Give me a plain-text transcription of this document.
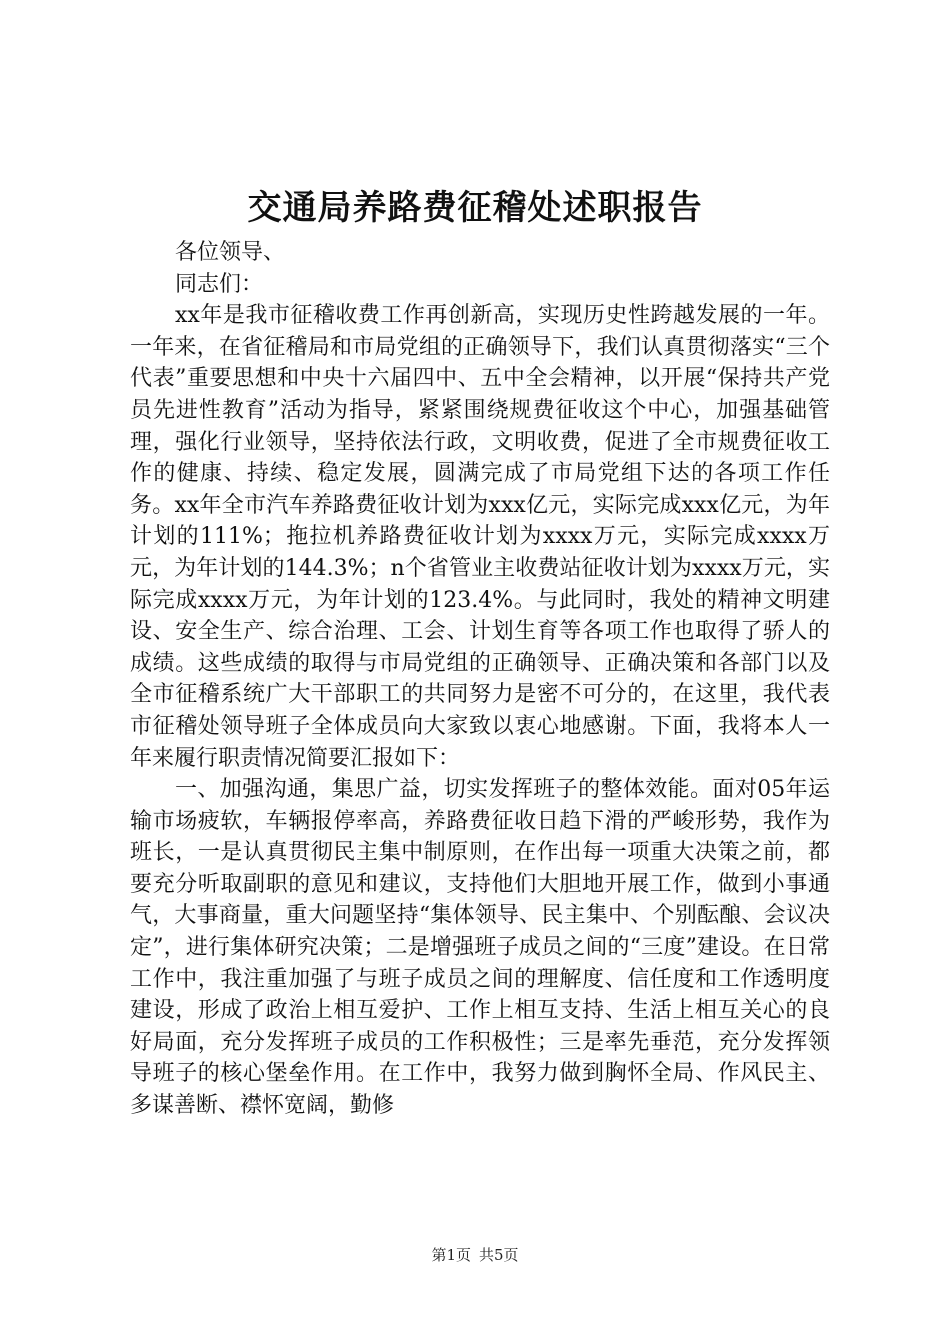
交通局养路费征稽处述职报告

各位领导、

同志们：

xx年是我市征稽收费工作再创新高，实现历史性跨越发展的一年。一年来，在省征稽局和市局党组的正确领导下，我们认真贯彻落实“三个代表”重要思想和中央十六届四中、五中全会精神，以开展“保持共产党员先进性教育”活动为指导，紧紧围绕规费征收这个中心，加强基础管理，强化行业领导，坚持依法行政，文明收费，促进了全市规费征收工作的健康、持续、稳定发展，圆满完成了市局党组下达的各项工作任务。xx年全市汽车养路费征收计划为xxx亿元，实际完成xxx亿元，为年计划的111%；拖拉机养路费征收计划为xxxx万元，实际完成xxxx万元，为年计划的144.3%；n个省管业主收费站征收计划为xxxx万元，实际完成xxxx万元，为年计划的123.4%。与此同时，我处的精神文明建设、安全生产、综合治理、工会、计划生育等各项工作也取得了骄人的成绩。这些成绩的取得与市局党组的正确领导、正确决策和各部门以及全市征稽系统广大干部职工的共同努力是密不可分的，在这里，我代表市征稽处领导班子全体成员向大家致以衷心地感谢。下面，我将本人一年来履行职责情况简要汇报如下：

一、加强沟通，集思广益，切实发挥班子的整体效能。面对05年运输市场疲软，车辆报停率高，养路费征收日趋下滑的严峻形势，我作为班长，一是认真贯彻民主集中制原则，在作出每一项重大决策之前，都要充分听取副职的意见和建议，支持他们大胆地开展工作，做到小事通气，大事商量，重大问题坚持“集体领导、民主集中、个别酝酿、会议决定”，进行集体研究决策；二是增强班子成员之间的“三度”建设。在日常工作中，我注重加强了与班子成员之间的理解度、信任度和工作透明度建设，形成了政治上相互爱护、工作上相互支持、生活上相互关心的良好局面，充分发挥班子成员的工作积极性；三是率先垂范，充分发挥领导班子的核心堡垒作用。在工作中，我努力做到胸怀全局、作风民主、多谋善断、襟怀宽阔，勤修

第1页 共5页
